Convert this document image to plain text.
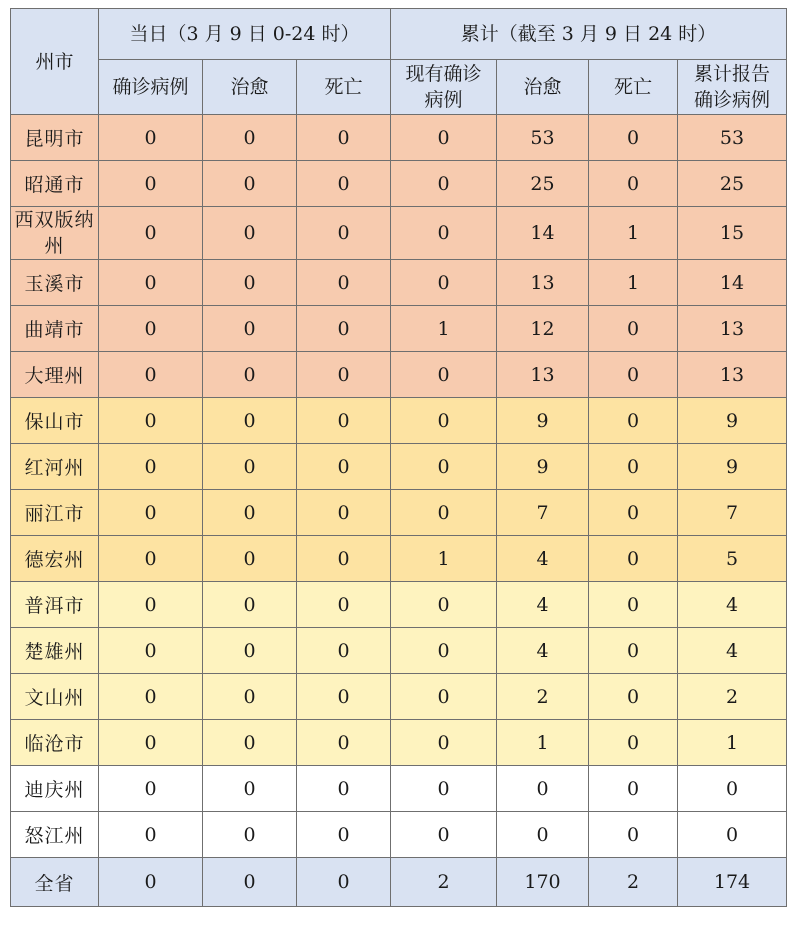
州市	当日（3 月 9 日 0-24 时）			累计（截至 3 月 9 日 24 时）			
	确诊病例	治愈	死亡	现有确诊病例	治愈	死亡	累计报告确诊病例
昆明市	0	0	0	0	53	0	53
昭通市	0	0	0	0	25	0	25
西双版纳州	0	0	0	0	14	1	15
玉溪市	0	0	0	0	13	1	14
曲靖市	0	0	0	1	12	0	13
大理州	0	0	0	0	13	0	13
保山市	0	0	0	0	9	0	9
红河州	0	0	0	0	9	0	9
丽江市	0	0	0	0	7	0	7
德宏州	0	0	0	1	4	0	5
普洱市	0	0	0	0	4	0	4
楚雄州	0	0	0	0	4	0	4
文山州	0	0	0	0	2	0	2
临沧市	0	0	0	0	1	0	1
迪庆州	0	0	0	0	0	0	0
怒江州	0	0	0	0	0	0	0
全省	0	0	0	2	170	2	174
